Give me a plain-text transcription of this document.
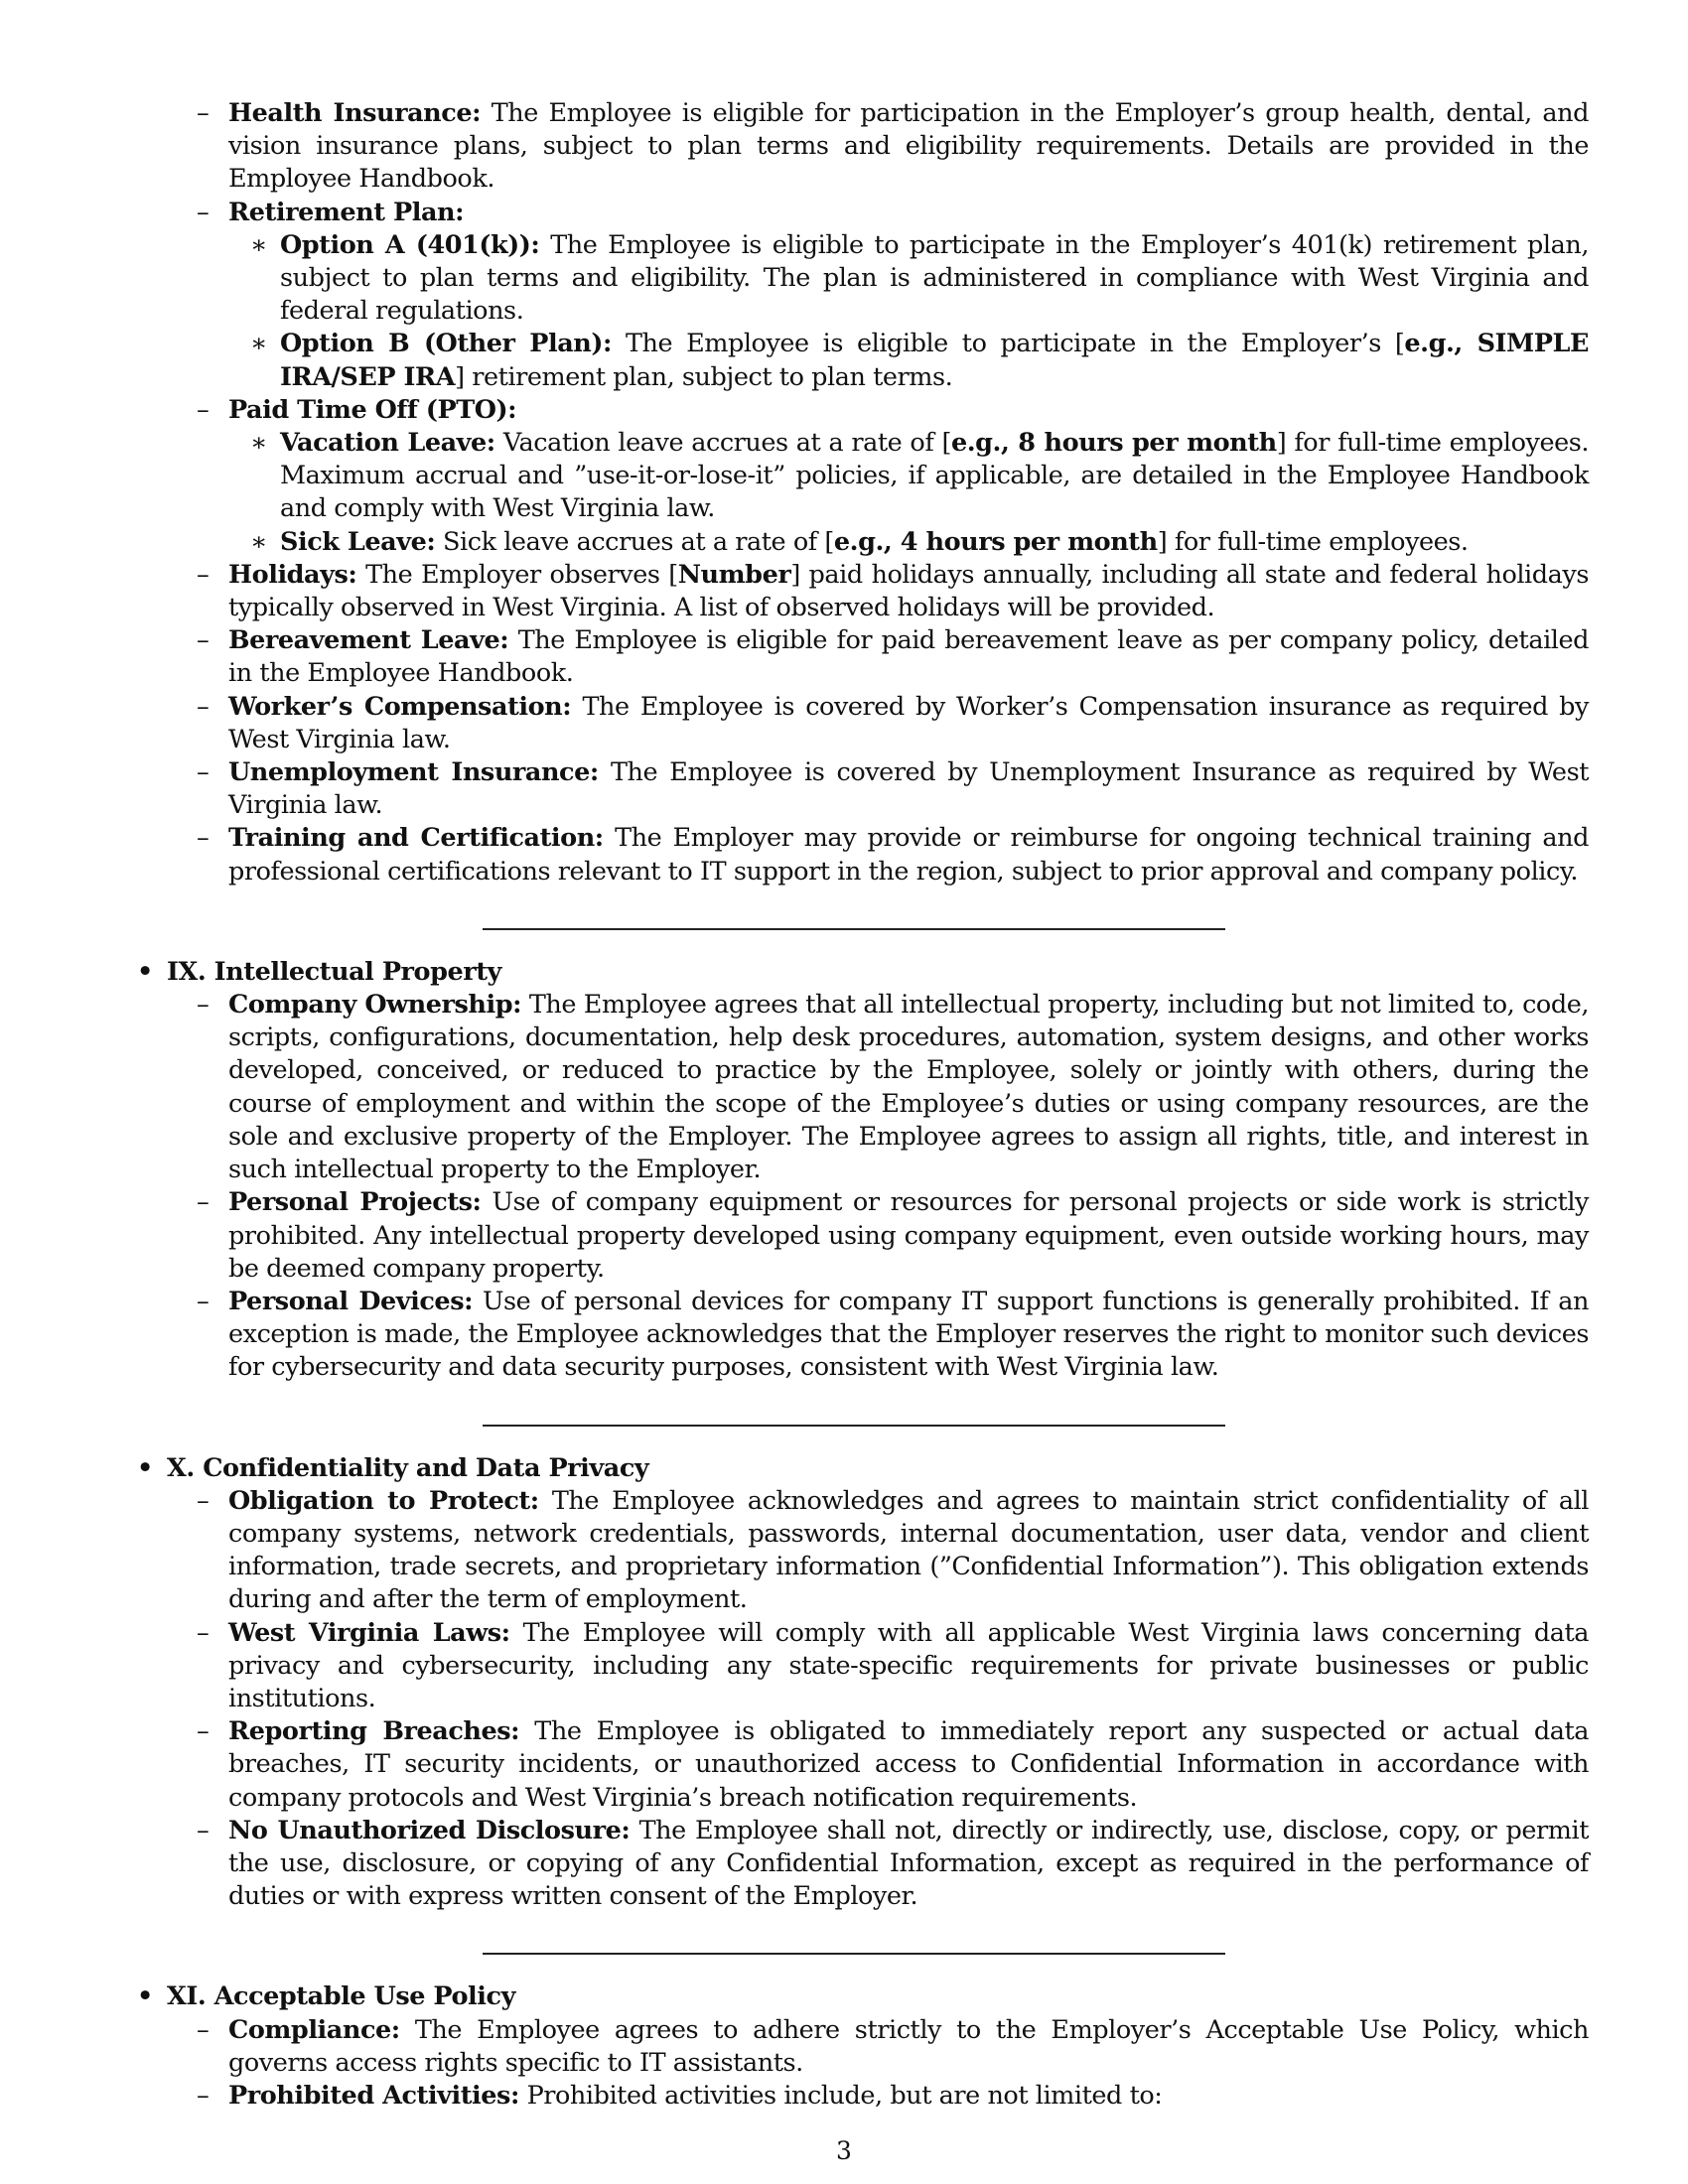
– Health Insurance: The Employee is eligible for participation in the Employer’s group health, dental, and vision insurance plans, subject to plan terms and eligibility requirements. Details are provided in the Employee Handbook.
– Retirement Plan:
∗ Option A (401(k)): The Employee is eligible to participate in the Employer’s 401(k) retirement plan, subject to plan terms and eligibility. The plan is administered in compliance with West Virginia and federal regulations.
∗ Option B (Other Plan): The Employee is eligible to participate in the Employer’s [e.g., SIMPLE IRA/SEP IRA] retirement plan, subject to plan terms.
– Paid Time Off (PTO):
∗ Vacation Leave: Vacation leave accrues at a rate of [e.g., 8 hours per month] for full-time employees. Maximum accrual and ”use-it-or-lose-it” policies, if applicable, are detailed in the Employee Handbook and comply with West Virginia law.
∗ Sick Leave: Sick leave accrues at a rate of [e.g., 4 hours per month] for full-time employees.
– Holidays: The Employer observes [Number] paid holidays annually, including all state and federal holidays typically observed in West Virginia. A list of observed holidays will be provided.
– Bereavement Leave: The Employee is eligible for paid bereavement leave as per company policy, detailed in the Employee Handbook.
– Worker’s Compensation: The Employee is covered by Worker’s Compensation insurance as required by West Virginia law.
– Unemployment Insurance: The Employee is covered by Unemployment Insurance as required by West Virginia law.
– Training and Certification: The Employer may provide or reimburse for ongoing technical training and professional certifications relevant to IT support in the region, subject to prior approval and company policy.
• IX. Intellectual Property
– Company Ownership: The Employee agrees that all intellectual property, including but not limited to, code, scripts, configurations, documentation, help desk procedures, automation, system designs, and other works developed, conceived, or reduced to practice by the Employee, solely or jointly with others, during the course of employment and within the scope of the Employee’s duties or using company resources, are the sole and exclusive property of the Employer. The Employee agrees to assign all rights, title, and interest in such intellectual property to the Employer.
– Personal Projects: Use of company equipment or resources for personal projects or side work is strictly prohibited. Any intellectual property developed using company equipment, even outside working hours, may be deemed company property.
– Personal Devices: Use of personal devices for company IT support functions is generally prohibited. If an exception is made, the Employee acknowledges that the Employer reserves the right to monitor such devices for cybersecurity and data security purposes, consistent with West Virginia law.
• X. Confidentiality and Data Privacy
– Obligation to Protect: The Employee acknowledges and agrees to maintain strict confidentiality of all company systems, network credentials, passwords, internal documentation, user data, vendor and client information, trade secrets, and proprietary information (”Confidential Information”). This obligation extends during and after the term of employment.
– West Virginia Laws: The Employee will comply with all applicable West Virginia laws concerning data privacy and cybersecurity, including any state-specific requirements for private businesses or public institutions.
– Reporting Breaches: The Employee is obligated to immediately report any suspected or actual data breaches, IT security incidents, or unauthorized access to Confidential Information in accordance with company protocols and West Virginia’s breach notification requirements.
– No Unauthorized Disclosure: The Employee shall not, directly or indirectly, use, disclose, copy, or permit the use, disclosure, or copying of any Confidential Information, except as required in the performance of duties or with express written consent of the Employer.
• XI. Acceptable Use Policy
– Compliance: The Employee agrees to adhere strictly to the Employer’s Acceptable Use Policy, which governs access rights specific to IT assistants.
– Prohibited Activities: Prohibited activities include, but are not limited to:
3
